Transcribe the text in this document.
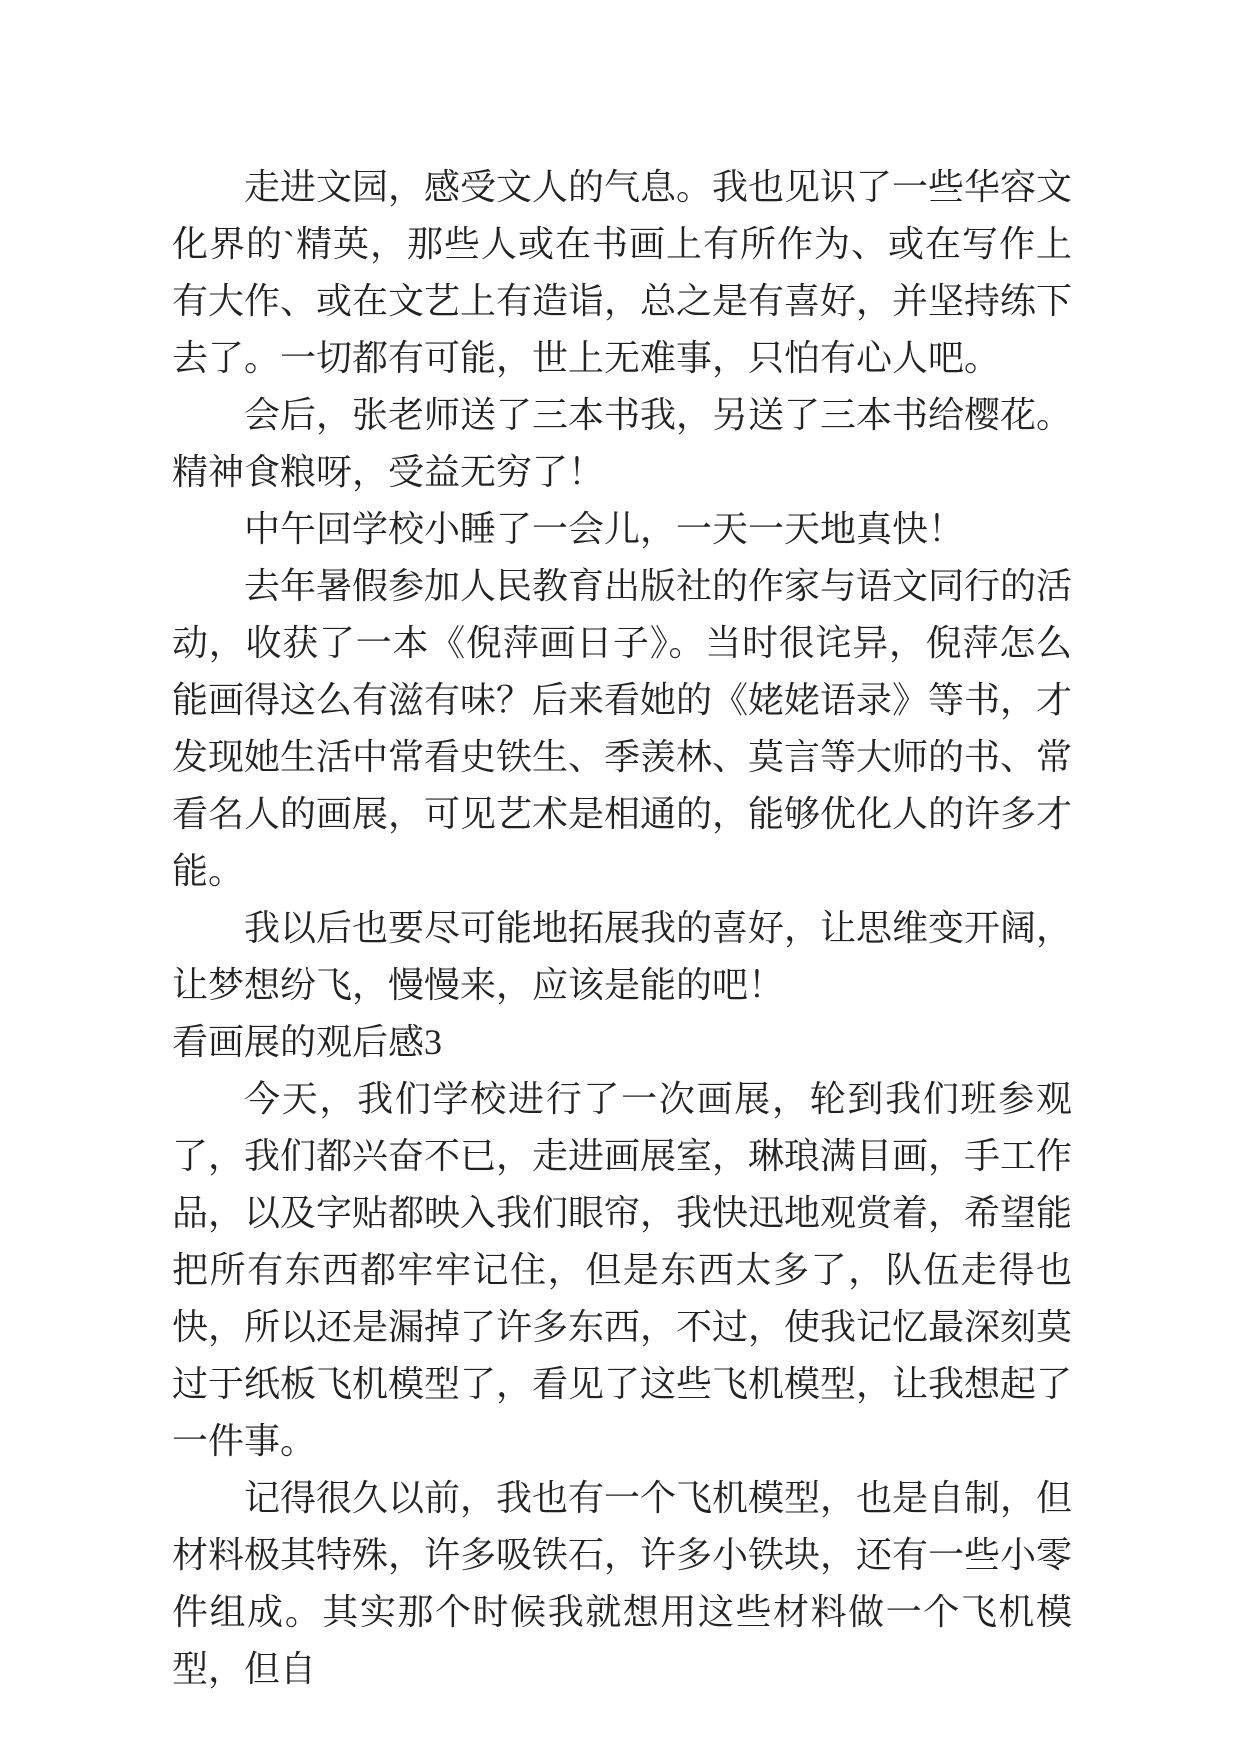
走进文园，感受文人的气息。我也见识了一些华容文化界的`精英，那些人或在书画上有所作为、或在写作上有大作、或在文艺上有造诣，总之是有喜好，并坚持练下去了。一切都有可能，世上无难事，只怕有心人吧。

会后，张老师送了三本书我，另送了三本书给樱花。精神食粮呀，受益无穷了！

中午回学校小睡了一会儿，一天一天地真快！

去年暑假参加人民教育出版社的作家与语文同行的活动，收获了一本《倪萍画日子》。当时很诧异，倪萍怎么能画得这么有滋有味？后来看她的《姥姥语录》等书，才发现她生活中常看史铁生、季羡林、莫言等大师的书、常看名人的画展，可见艺术是相通的，能够优化人的许多才能。

我以后也要尽可能地拓展我的喜好，让思维变开阔，让梦想纷飞，慢慢来，应该是能的吧！

看画展的观后感3

今天，我们学校进行了一次画展，轮到我们班参观了，我们都兴奋不已，走进画展室，琳琅满目画，手工作品，以及字贴都映入我们眼帘，我快迅地观赏着，希望能把所有东西都牢牢记住，但是东西太多了，队伍走得也快，所以还是漏掉了许多东西，不过，使我记忆最深刻莫过于纸板飞机模型了，看见了这些飞机模型，让我想起了一件事。

记得很久以前，我也有一个飞机模型，也是自制，但材料极其特殊，许多吸铁石，许多小铁块，还有一些小零件组成。其实那个时候我就想用这些材料做一个飞机模型，但自
